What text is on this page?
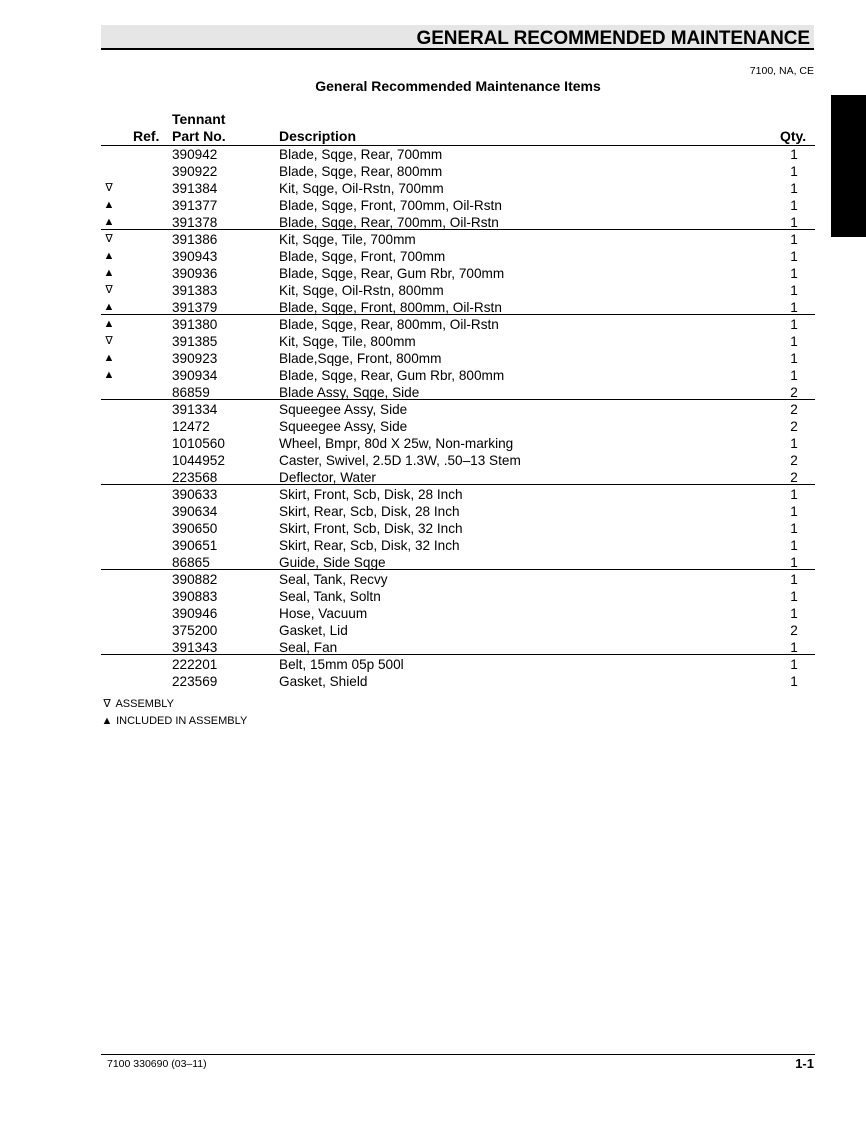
GENERAL RECOMMENDED MAINTENANCE
7100, NA, CE
General Recommended Maintenance Items
Ref.
Tennant
Part No.	Description	Qty.
390942	Blade, Sqge, Rear, 700mm	1
390922	Blade, Sqge, Rear, 800mm	1
∇	391384	Kit, Sqge, Oil-Rstn, 700mm	1
▲	391377	Blade, Sqge, Front, 700mm, Oil-Rstn	1
▲	391378	Blade, Sqge, Rear, 700mm, Oil-Rstn	1
∇	391386	Kit, Sqge, Tile, 700mm	1
▲	390943	Blade, Sqge, Front, 700mm	1
▲	390936	Blade, Sqge, Rear, Gum Rbr, 700mm	1
∇	391383	Kit, Sqge, Oil-Rstn, 800mm	1
▲	391379	Blade, Sqge, Front, 800mm, Oil-Rstn	1
▲	391380	Blade, Sqge, Rear, 800mm, Oil-Rstn	1
∇	391385	Kit, Sqge, Tile, 800mm	1
▲	390923	Blade,Sqge, Front, 800mm	1
▲	390934	Blade, Sqge, Rear, Gum Rbr, 800mm	1
86859	Blade Assy, Sqge, Side	2
391334	Squeegee Assy, Side	2
12472	Squeegee Assy, Side	2
1010560	Wheel, Bmpr, 80d X 25w, Non-marking	1
1044952	Caster, Swivel, 2.5D 1.3W, .50–13 Stem	2
223568	Deflector, Water	2
390633	Skirt, Front, Scb, Disk, 28 Inch	1
390634	Skirt, Rear, Scb, Disk, 28 Inch	1
390650	Skirt, Front, Scb, Disk, 32 Inch	1
390651	Skirt, Rear, Scb, Disk, 32 Inch	1
86865	Guide, Side Sqge	1
390882	Seal, Tank, Recvy	1
390883	Seal, Tank, Soltn	1
390946	Hose, Vacuum	1
375200	Gasket, Lid	2
391343	Seal, Fan	1
222201	Belt, 15mm 05p 500l	1
223569	Gasket, Shield	1
∇ ASSEMBLY
▲ INCLUDED IN ASSEMBLY
7100 330690 (03–11)	1-1
